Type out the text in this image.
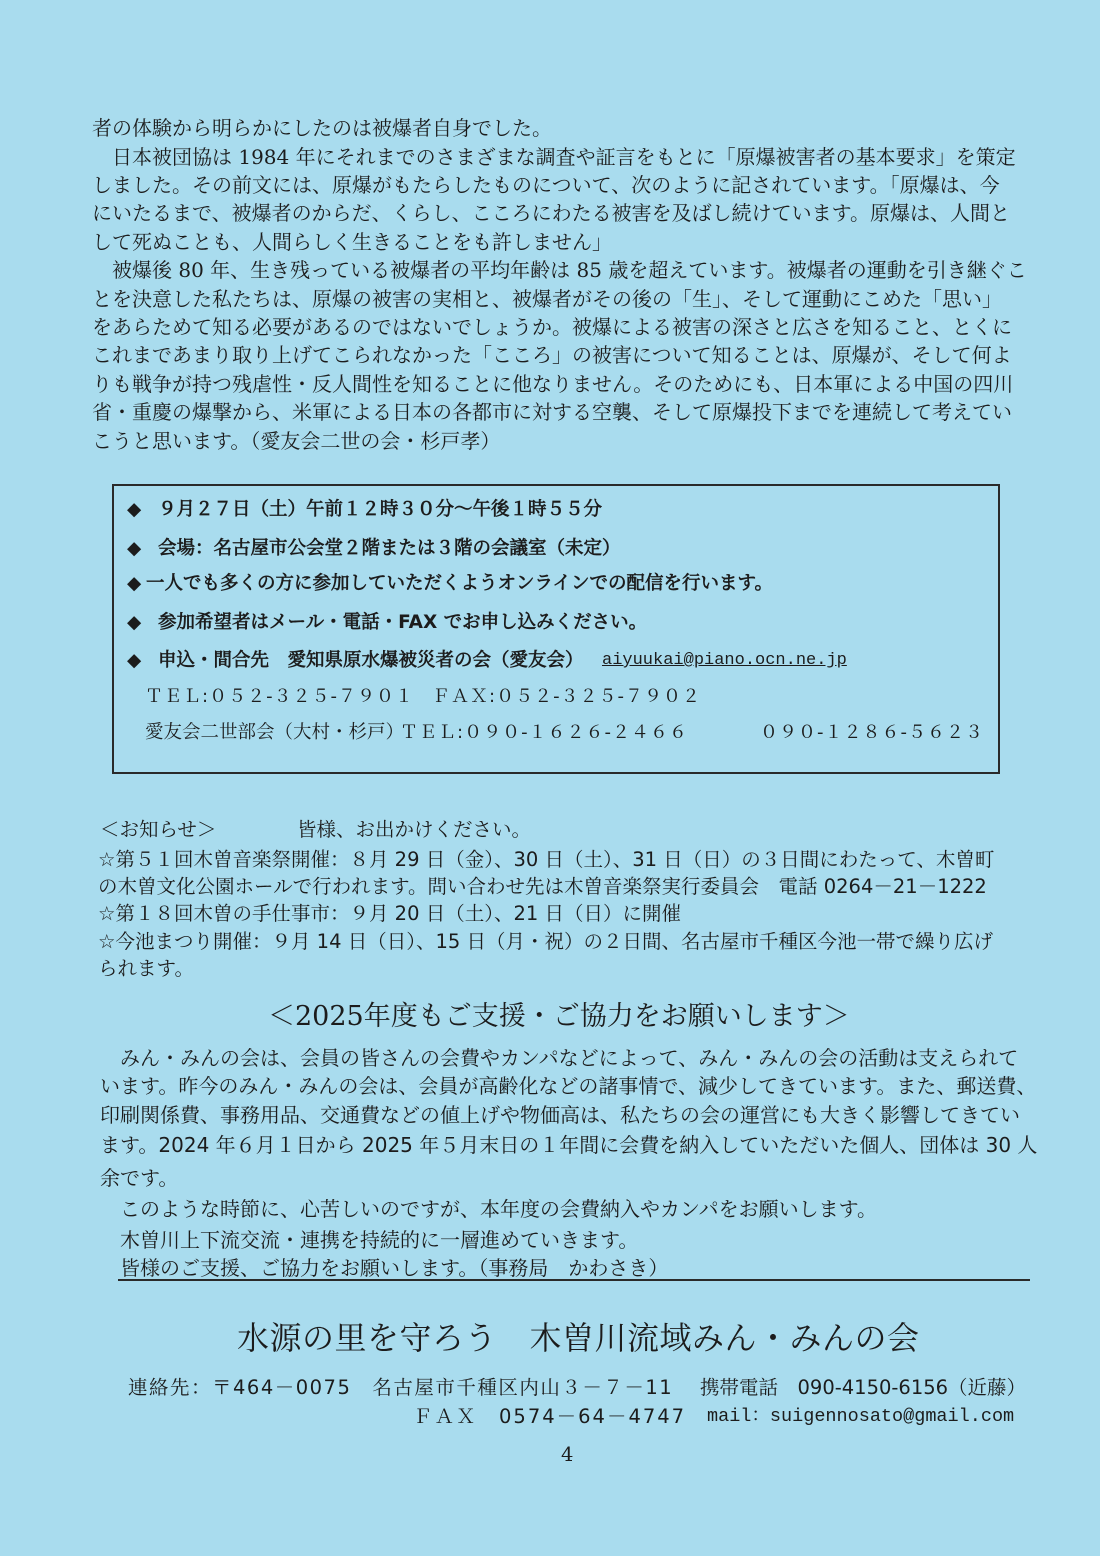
者の体験から明らかにしたのは被爆者自身でした。
　日本被団協は 1984 年にそれまでのさまざまな調査や証言をもとに「原爆被害者の基本要求」を策定
しました。その前文には、原爆がもたらしたものについて、次のように記されています。「原爆は、今
にいたるまで、被爆者のからだ、くらし、こころにわたる被害を及ばし続けています。原爆は、人間と
して死ぬことも、人間らしく生きることをも許しません」
　被爆後 80 年、生き残っている被爆者の平均年齢は 85 歳を超えています。被爆者の運動を引き継ぐこ
とを決意した私たちは、原爆の被害の実相と、被爆者がその後の「生」、そして運動にこめた「思い」
をあらためて知る必要があるのではないでしょうか。被爆による被害の深さと広さを知ること、とくに
これまであまり取り上げてこられなかった「こころ」の被害について知ることは、原爆が、そして何よ
りも戦争が持つ残虐性・反人間性を知ることに他なりません。そのためにも、日本軍による中国の四川
省・重慶の爆撃から、米軍による日本の各都市に対する空襲、そして原爆投下までを連続して考えてい
こうと思います。（愛友会二世の会・杉戸孝）
◆ ９月２７日（土）午前１２時３０分～午後１時５５分
◆ 会場：名古屋市公会堂２階または３階の会議室（未定）
◆ 一人でも多くの方に参加していただくようオンラインでの配信を行います。
◆ 参加希望者はメール・電話・FAX でお申し込みください。
◆ 申込・間合先　愛知県原水爆被災者の会（愛友会） aiyuukai@piano.ocn.ne.jp
ＴＥＬ:０５２-３２５-７９０１ ＦＡＸ:０５２-３２５-７９０２
愛友会二世部会（大村・杉戸）
ＴＥＬ:０９０-１６２６-２４６６	０９０-１２８６-５６２３
＜お知らせ＞	皆様、お出かけください。
☆第５１回木曽音楽祭開催：８月 29 日（金）、30 日（土）、31 日（日）の３日間にわたって、木曽町
の木曽文化公園ホールで行われます。問い合わせ先は木曽音楽祭実行委員会　電話 0264－21－1222
☆第１８回木曽の手仕事市：９月 20 日（土）、21 日（日）に開催
☆今池まつり開催：９月 14 日（日）、15 日（月・祝）の２日間、名古屋市千種区今池一帯で繰り広げ
られます。
＜2025年度もご支援・ご協力をお願いします＞
　みん・みんの会は、会員の皆さんの会費やカンパなどによって、みん・みんの会の活動は支えられて
います。昨今のみん・みんの会は、会員が高齢化などの諸事情で、減少してきています。また、郵送費、
印刷関係費、事務用品、交通費などの値上げや物価高は、私たちの会の運営にも大きく影響してきてい
ます。2024 年６月１日から 2025 年５月末日の１年間に会費を納入していただいた個人、団体は 30 人
余です。
　このような時節に、心苦しいのですが、本年度の会費納入やカンパをお願いします。
　木曽川上下流交流・連携を持続的に一層進めていきます。
　皆様のご支援、ご協力をお願いします。（事務局　かわさき）
水源の里を守ろう　木曽川流域みん・みんの会
連絡先：〒464－0075　名古屋市千種区内山３－７－11 携帯電話　090-4150-6156（近藤）
ＦＡＸ　0574－64－4747 mail：suigennosato@gmail.com
4
